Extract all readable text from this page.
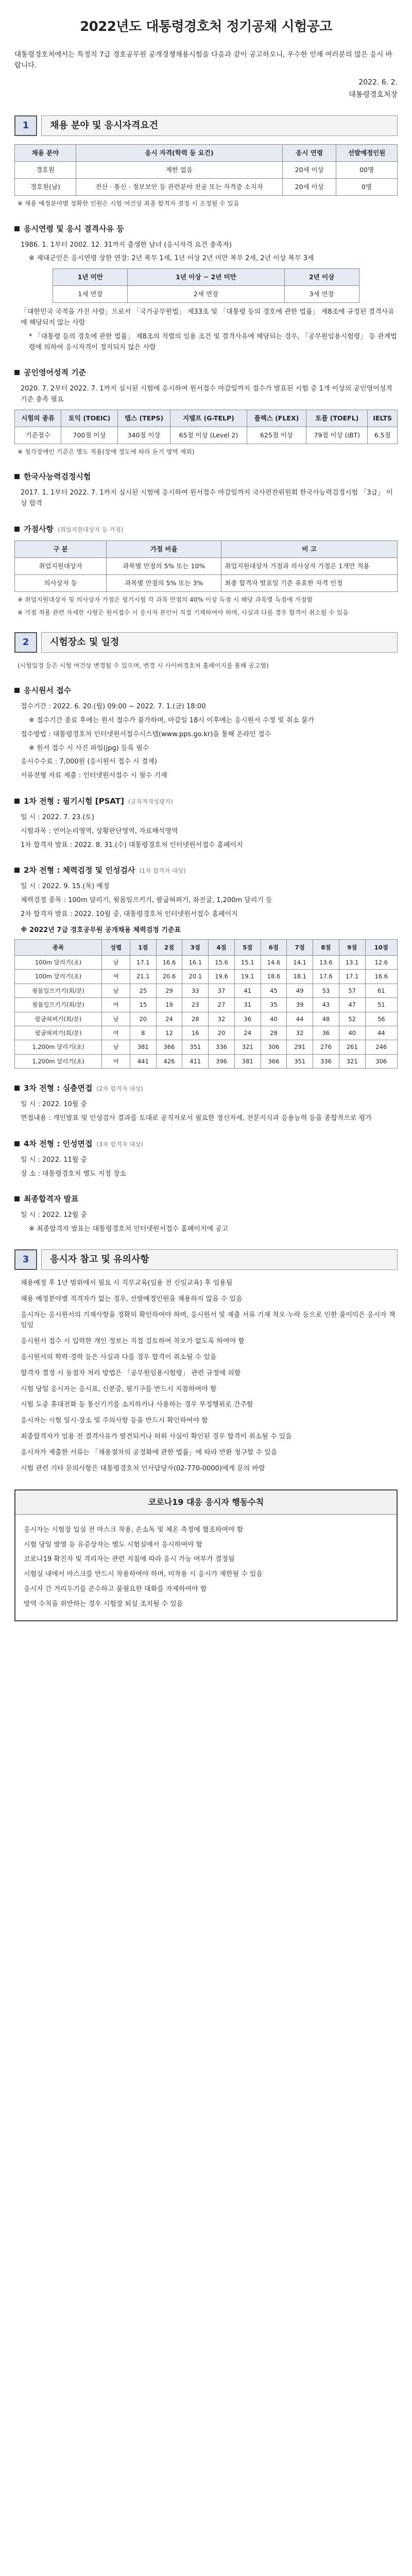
2022년도 대통령경호처 정기공채 시험공고

대통령경호처에서는 특정직 7급 경호공무원 공개경쟁채용시험을 다음과 같이 공고하오니, 우수한 인재 여러분의 많은 응시 바랍니다.

2022. 6. 2.
대통령경호처장
1	채용 분야 및 응시자격요건
채용 분야	응시 자격(학력 등 요건)	응시 연령	선발예정인원
경호원	제한 없음	20세 이상	00명
경호원(남)	전산 · 통신 · 정보보안 등 관련분야 전공 또는 자격증 소지자	20세 이상	0명

※ 채용 예정분야별 정확한 인원은 시험 여건상 최종 합격자 결정 시 조정될 수 있음

응시연령 및 응시 결격사유 등

1986. 1. 1부터 2002. 12. 31까지 출생한 남녀 (응시자격 요건 충족자)

※ 제대군인은 응시연령 상한 연장: 2년 복무 1세, 1년 이상 2년 미만 복무 2세, 2년 이상 복무 3세

1년 미만	1년 이상 ~ 2년 미만	2년 이상
1세 연장	2세 연장	3세 연장

「대한민국 국적을 가진 사람」으로서 「국가공무원법」 제33조 및 「대통령 등의 경호에 관한 법률」 제8조에 규정된 결격사유에 해당되지 않는 사람

* 「대통령 등의 경호에 관한 법률」 제8조의 직렬의 임용 조건 및 결격사유에 해당되는 경우, 「공무원임용시험령」 등 관계법령에 의하여 응시자격이 정지되지 않은 사람

공인영어성적 기준

2020. 7. 2부터 2022. 7. 1까지 실시된 시험에 응시하여 원서접수 마감일까지 점수가 발표된 시험 중 1개 이상의 공인영어성적 기준 충족 필요

시험의 종류	토익 (TOEIC)	텝스 (TEPS)	지텔프 (G-TELP)	플렉스 (FLEX)	토플 (TOEFL)	IELTS
기준점수	700점 이상	340점 이상	65점 이상 (Level 2)	625점 이상	79점 이상 (iBT)	6.5점

※ 청각장애인 기준은 별도 적용(장애 정도에 따라 듣기 영역 제외)

한국사능력검정시험

2017. 1. 1부터 2022. 7. 1까지 실시된 시험에 응시하여 원서접수 마감일까지 국사편찬위원회 한국사능력검정시험 「3급」 이상 합격

가점사항 (취업지원대상자 등 가점)
구 분	가점 비율	비 고
취업지원대상자	과목별 만점의 5% 또는 10%	취업지원대상자 가점과 의사상자 가점은 1개만 적용
의사상자 등	과목별 만점의 5% 또는 3%	최종 합격자 발표일 기준 유효한 자격 인정

※ 취업지원대상자 및 의사상자 가점은 필기시험 각 과목 만점의 40% 이상 득점 시 해당 과목별 득점에 가점함

※ 가점 적용 관련 자세한 사항은 원서접수 시 응시자 본인이 직접 기재하여야 하며, 사실과 다를 경우 합격이 취소될 수 있음

2	시험장소 및 일정

(시험일정 등은 시험 여건상 변경될 수 있으며, 변경 시 사이버경호처 홈페이지를 통해 공고함)

응시원서 접수

접수기간 : 2022. 6. 20.(월) 09:00 ~ 2022. 7. 1.(금) 18:00

※ 접수기간 종료 후에는 원서 접수가 불가하며, 마감일 18시 이후에는 응시원서 수정 및 취소 불가

접수방법 : 대통령경호처 인터넷원서접수시스템(www.pps.go.kr)을 통해 온라인 접수

※ 원서 접수 시 사진 파일(jpg) 등록 필수

응시수수료 : 7,000원 (응시원서 접수 시 결제)

서류전형 자료 제출 : 인터넷원서접수 시 필수 기재

1차 전형 : 필기시험 [PSAT] (공직적격성평가)

일 시 : 2022. 7. 23.(토)

시험과목 : 언어논리영역, 상황판단영역, 자료해석영역

1차 합격자 발표 : 2022. 8. 31.(수) 대통령경호처 인터넷원서접수 홈페이지

2차 전형 : 체력검정 및 인성검사 (1차 합격자 대상)

일 시 : 2022. 9. 15.(목) 예정

체력검정 종목 : 100m 달리기, 윗몸일으키기, 팔굽혀펴기, 좌전굴, 1,200m 달리기 등

2차 합격자 발표 : 2022. 10월 중, 대통령경호처 인터넷원서접수 홈페이지

※ 2022년 7급 경호공무원 공개채용 체력검정 기준표

종목	성별	1점	2점	3점	4점	5점	6점	7점	8점	9점	10점
100m 달리기(초)	남	17.1	16.6	16.1	15.6	15.1	14.6	14.1	13.6	13.1	12.6
100m 달리기(초)	여	21.1	20.6	20.1	19.6	19.1	18.6	18.1	17.6	17.1	16.6
윗몸일으키기(회/분)	남	25	29	33	37	41	45	49	53	57	61
윗몸일으키기(회/분)	여	15	19	23	27	31	35	39	43	47	51
팔굽혀펴기(회/분)	남	20	24	28	32	36	40	44	48	52	56
팔굽혀펴기(회/분)	여	8	12	16	20	24	28	32	36	40	44
1,200m 달리기(초)	남	381	366	351	336	321	306	291	276	261	246
1,200m 달리기(초)	여	441	426	411	396	381	366	351	336	321	306
3차 전형 : 심층면접 (2차 합격자 대상)

일 시 : 2022. 10월 중

면접내용 : 개인발표 및 인성검사 결과를 토대로 공직자로서 필요한 정신자세, 전문지식과 응용능력 등을 종합적으로 평가

4차 전형 : 인성면접 (3차 합격자 대상)

일 시 : 2022. 11월 중

장 소 : 대통령경호처 별도 지정 장소

최종합격자 발표

일 시 : 2022. 12월 중

※ 최종합격자 발표는 대통령경호처 인터넷원서접수 홈페이지에 공고

3	응시자 참고 및 유의사항

채용예정 후 1년 범위에서 필요 시 직무교육(임용 전 신임교육) 후 임용됨

채용 예정분야별 적격자가 없는 경우, 선발예정인원을 채용하지 않을 수 있음

응시자는 응시원서의 기재사항을 정확히 확인하여야 하며, 응시원서 및 제출 서류 기재 착오·누락 등으로 인한 불이익은 응시자 책임임

응시원서 접수 시 입력한 개인 정보는 직접 검토하여 착오가 없도록 하여야 함

응시원서의 학력·경력 등은 사실과 다를 경우 합격이 취소될 수 있음

합격자 결정 시 동점자 처리 방법은 「공무원임용시험령」 관련 규정에 의함

시험 당일 응시자는 응시표, 신분증, 필기구를 반드시 지참하여야 함

시험 도중 휴대전화 등 통신기기를 소지하거나 사용하는 경우 부정행위로 간주함

응시자는 시험 일시·장소 및 주의사항 등을 반드시 확인하여야 함

최종합격자가 임용 전 결격사유가 발견되거나 허위 사실이 확인된 경우 합격이 취소될 수 있음

응시자가 제출한 서류는 「채용절차의 공정화에 관한 법률」에 따라 반환 청구할 수 있음

시험 관련 기타 문의사항은 대통령경호처 인사담당자(02-770-0000)에게 문의 바람

코로나19 대응 응시자 행동수칙

응시자는 시험장 입실 전 마스크 착용, 손소독 및 체온 측정에 협조하여야 함

시험 당일 발열 등 유증상자는 별도 시험실에서 응시하여야 함

코로나19 확진자 및 격리자는 관련 지침에 따라 응시 가능 여부가 결정됨

시험실 내에서 마스크를 반드시 착용하여야 하며, 미착용 시 응시가 제한될 수 있음

응시자 간 거리두기를 준수하고 불필요한 대화를 자제하여야 함

방역 수칙을 위반하는 경우 시험장 퇴실 조치될 수 있음
